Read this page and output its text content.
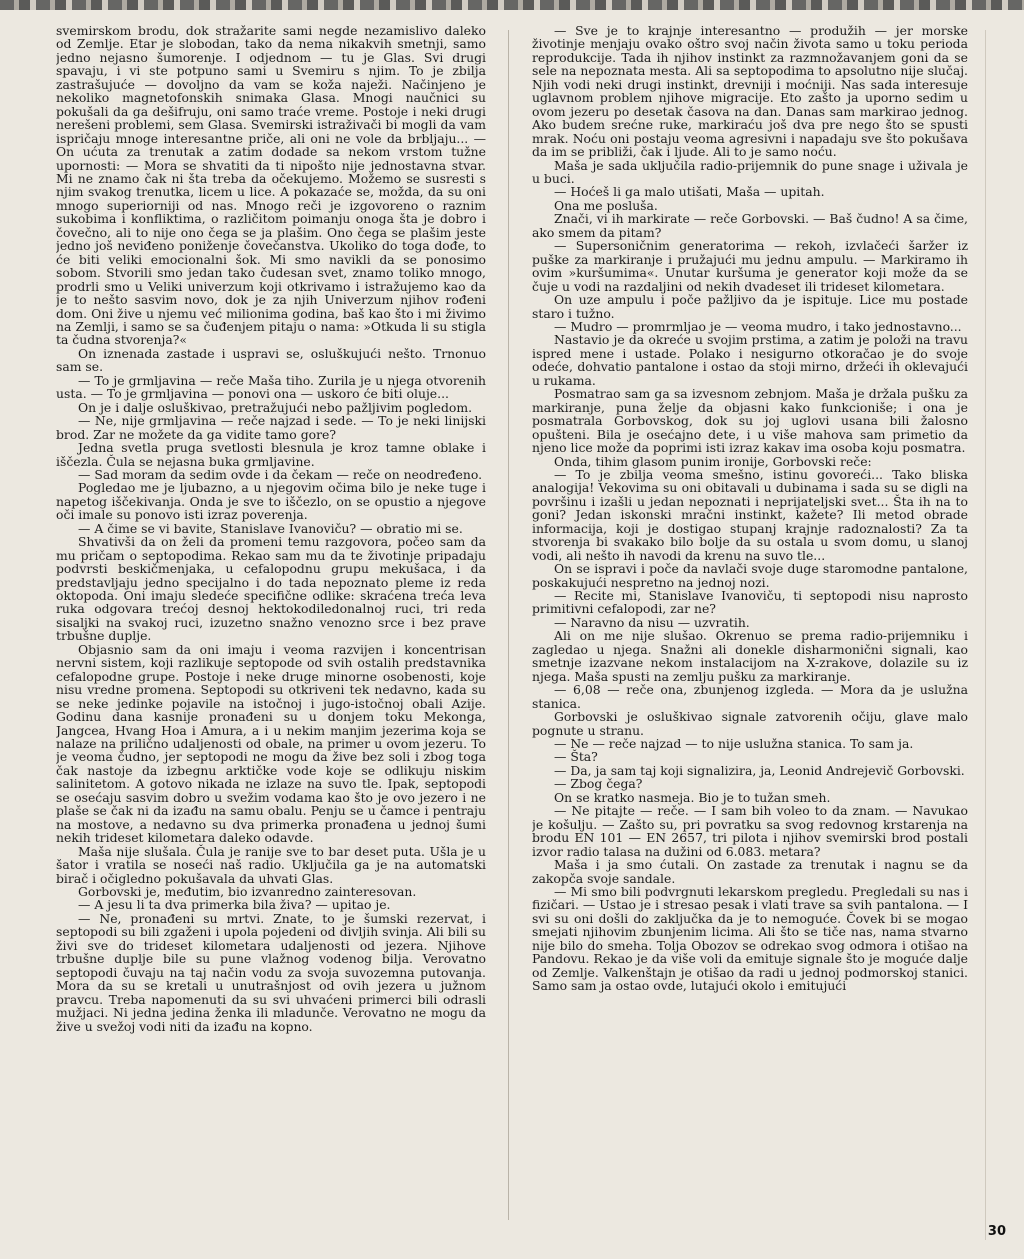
svemirskom brodu, dok stražarite sami negde nezamislivo daleko od Zemlje. Etar je slobodan, tako da nema nikakvih smetnji, samo jedno nejasno šumorenje. I odjednom — tu je Glas. Svi drugi spavaju, i vi ste potpuno sami u Svemiru s njim. To je zbilja zastrašujuće — dovoljno da vam se koža naježi. Načinjeno je nekoliko magnetofonskih snimaka Glasa. Mnogi naučnici su pokušali da ga dešifruju, oni samo traće vreme. Postoje i neki drugi nerešeni problemi, sem Glasa. Svemirski istraživači bi mogli da vam ispričaju mnoge interesantne priče, ali oni ne vole da brbljaju... — On ućuta za trenutak a zatim dodade sa nekom vrstom tužne upornosti: — Mora se shvatiti da ti nipošto nije jednostavna stvar. Mi ne znamo čak ni šta treba da očekujemo. Možemo se susresti s njim svakog trenutka, licem u lice. A pokazaće se, možda, da su oni mnogo superiorniji od nas. Mnogo reči je izgovoreno o raznim sukobima i konfliktima, o različitom poimanju onoga šta je dobro i čovečno, ali to nije ono čega se ja plašim. Ono čega se plašim jeste jedno još neviđeno poniženje čovečanstva. Ukoliko do toga dođe, to će biti veliki emocionalni šok. Mi smo navikli da se ponosimo sobom. Stvorili smo jedan tako čudesan svet, znamo toliko mnogo, prodrli smo u Veliki univerzum koji otkrivamo i istražujemo kao da je to nešto sasvim novo, dok je za njih Univerzum njihov rođeni dom. Oni žive u njemu već milionima godina, baš kao što i mi živimo na Zemlji, i samo se sa čuđenjem pitaju o nama: »Otkuda li su stigla ta čudna stvorenja?«

On iznenada zastade i uspravi se, osluškujući nešto. Trnonuo sam se.

— To je grmljavina — reče Maša tiho. Zurila je u njega otvorenih usta. — To je grmljavina — ponovi ona — uskoro će biti oluje...

On je i dalje osluškivao, pretražujući nebo pažljivim pogledom.

— Ne, nije grmljavina — reče najzad i sede. — To je neki linijski brod. Zar ne možete da ga vidite tamo gore?

Jedna svetla pruga svetlosti blesnula je kroz tamne oblake i iščezla. Čula se nejasna buka grmljavine.

— Sad moram da sedim ovde i da čekam — reče on neodređeno.

Pogledao me je ljubazno, a u njegovim očima bilo je neke tuge i napetog iščekivanja. Onda je sve to iščezlo, on se opustio a njegove oči imale su ponovo isti izraz poverenja.

— A čime se vi bavite, Stanislave Ivanoviču? — obratio mi se.

Shvativši da on želi da promeni temu razgovora, počeo sam da mu pričam o septopodima. Rekao sam mu da te životinje pripadaju podvrsti beskičmenjaka, u cefalopodnu grupu mekušaca, i da predstavljaju jedno specijalno i do tada nepoznato pleme iz reda oktopoda. Oni imaju sledeće specifične odlike: skraćena treća leva ruka odgovara trećoj desnoj hektokodiledonalnoj ruci, tri reda sisaljki na svakoj ruci, izuzetno snažno venozno srce i bez prave trbušne duplje.

Objasnio sam da oni imaju i veoma razvijen i koncentrisan nervni sistem, koji razlikuje septopode od svih ostalih predstavnika cefalopodne grupe. Postoje i neke druge minorne osobenosti, koje nisu vredne promena. Septopodi su otkriveni tek nedavno, kada su se neke jedinke pojavile na istočnoj i jugo-istočnoj obali Azije. Godinu dana kasnije pronađeni su u donjem toku Mekonga, Jangcea, Hvang Hoa i Amura, a i u nekim manjim jezerima koja se nalaze na prilično udaljenosti od obale, na primer u ovom jezeru. To je veoma čudno, jer septopodi ne mogu da žive bez soli i zbog toga čak nastoje da izbegnu arktičke vode koje se odlikuju niskim salinitetom. A gotovo nikada ne izlaze na suvo tle. Ipak, septopodi se osećaju sasvim dobro u svežim vodama kao što je ovo jezero i ne plaše se čak ni da izađu na samu obalu. Penju se u čamce i pentraju na mostove, a nedavno su dva primerka pronađena u jednoj šumi nekih trideset kilometara daleko odavde.

Maša nije slušala. Čula je ranije sve to bar deset puta. Ušla je u šator i vratila se noseći naš radio. Uključila ga je na automatski birač i očigledno pokušavala da uhvati Glas.

Gorbovski je, međutim, bio izvanredno zainteresovan.

— A jesu li ta dva primerka bila živa? — upitao je.

— Ne, pronađeni su mrtvi. Znate, to je šumski rezervat, i septopodi su bili zgaženi i upola pojedeni od divljih svinja. Ali bili su živi sve do trideset kilometara udaljenosti od jezera. Njihove trbušne duplje bile su pune vlažnog vodenog bilja. Verovatno septopodi čuvaju na taj način vodu za svoja suvozemna putovanja. Mora da su se kretali u unutrašnjost od ovih jezera u južnom pravcu. Treba napomenuti da su svi uhvaćeni primerci bili odrasli mužjaci. Ni jedna jedina ženka ili mladunče. Verovatno ne mogu da žive u svežoj vodi niti da izađu na kopno.

— Sve je to krajnje interesantno — produžih — jer morske životinje menjaju ovako oštro svoj način života samo u toku perioda reprodukcije. Tada ih njihov instinkt za razmnožavanjem goni da se sele na nepoznata mesta. Ali sa septopodima to apsolutno nije slučaj. Njih vodi neki drugi instinkt, drevniji i moćniji. Nas sada interesuje uglavnom problem njihove migracije. Eto zašto ja uporno sedim u ovom jezeru po desetak časova na dan. Danas sam markirao jednog. Ako budem srećne ruke, markiraću još dva pre nego što se spusti mrak. Noću oni postaju veoma agresivni i napadaju sve što pokušava da im se približi, čak i ljude. Ali to je samo noću.

Maša je sada uključila radio-prijemnik do pune snage i uživala je u buci.

— Hoćeš li ga malo utišati, Maša — upitah.

Ona me posluša.

Znači, vi ih markirate — reče Gorbovski. — Baš čudno! A sa čime, ako smem da pitam?

— Supersoničnim generatorima — rekoh, izvlačeći šaržer iz puške za markiranje i pružajući mu jednu ampulu. — Markiramo ih ovim »kuršumima«. Unutar kuršuma je generator koji može da se čuje u vodi na razdaljini od nekih dvadeset ili trideset kilometara.

On uze ampulu i poče pažljivo da je ispituje. Lice mu postade staro i tužno.

— Mudro — promrmljao je — veoma mudro, i tako jednostavno...

Nastavio je da okreće u svojim prstima, a zatim je položi na travu ispred mene i ustade. Polako i nesigurno otkoračao je do svoje odeće, dohvatio pantalone i ostao da stoji mirno, držeći ih oklevajući u rukama.

Posmatrao sam ga sa izvesnom zebnjom. Maša je držala pušku za markiranje, puna želje da objasni kako funkcioniše; i ona je posmatrala Gorbovskog, dok su joj uglovi usana bili žalosno opušteni. Bila je osećajno dete, i u više mahova sam primetio da njeno lice može da poprimi isti izraz kakav ima osoba koju posmatra.

Onda, tihim glasom punim ironije, Gorbovski reče:

— To je zbilja veoma smešno, istinu govoreći... Tako bliska analogija! Vekovima su oni obitavali u dubinama i sada su se digli na površinu i izašli u jedan nepoznati i neprijateljski svet... Šta ih na to goni? Jedan iskonski mračni instinkt, kažete? Ili metod obrade informacija, koji je dostigao stupanj krajnje radoznalosti? Za ta stvorenja bi svakako bilo bolje da su ostala u svom domu, u slanoj vodi, ali nešto ih navodi da krenu na suvo tle...

On se ispravi i poče da navlači svoje duge staromodne pantalone, poskakujući nespretno na jednoj nozi.

— Recite mi, Stanislave Ivanoviču, ti septopodi nisu naprosto primitivni cefalopodi, zar ne?

— Naravno da nisu — uzvratih.

Ali on me nije slušao. Okrenuo se prema radio-prijemniku i zagledao u njega. Snažni ali donekle disharmonični signali, kao smetnje izazvane nekom instalacijom na X-zrakove, dolazile su iz njega. Maša spusti na zemlju pušku za markiranje.

— 6,08 — reče ona, zbunjenog izgleda. — Mora da je uslužna stanica.

Gorbovski je osluškivao signale zatvorenih očiju, glave malo pognute u stranu.

— Ne — reče najzad — to nije uslužna stanica. To sam ja.

— Šta?

— Da, ja sam taj koji signalizira, ja, Leonid Andrejevič Gorbovski.

— Zbog čega?

On se kratko nasmeja. Bio je to tužan smeh.

— Ne pitajte — reče. — I sam bih voleo to da znam. — Navukao je košulju. — Zašto su, pri povratku sa svog redovnog krstarenja na brodu EN 101 — EN 2657, tri pilota i njihov svemirski brod postali izvor radio talasa na dužini od 6.083. metara?

Maša i ja smo ćutali. On zastade za trenutak i nagnu se da zakopča svoje sandale.

— Mi smo bili podvrgnuti lekarskom pregledu. Pregledali su nas i fizičari. — Ustao je i stresao pesak i vlati trave sa svih pantalona. — I svi su oni došli do zaključka da je to nemoguće. Čovek bi se mogao smejati njihovim zbunjenim licima. Ali što se tiče nas, nama stvarno nije bilo do smeha. Tolja Obozov se odrekao svog odmora i otišao na Pandovu. Rekao je da više voli da emituje signale što je moguće dalje od Zemlje. Valkenštajn je otišao da radi u jednoj podmorskoj stanici. Samo sam ja ostao ovde, lutajući okolo i emitujući

30
